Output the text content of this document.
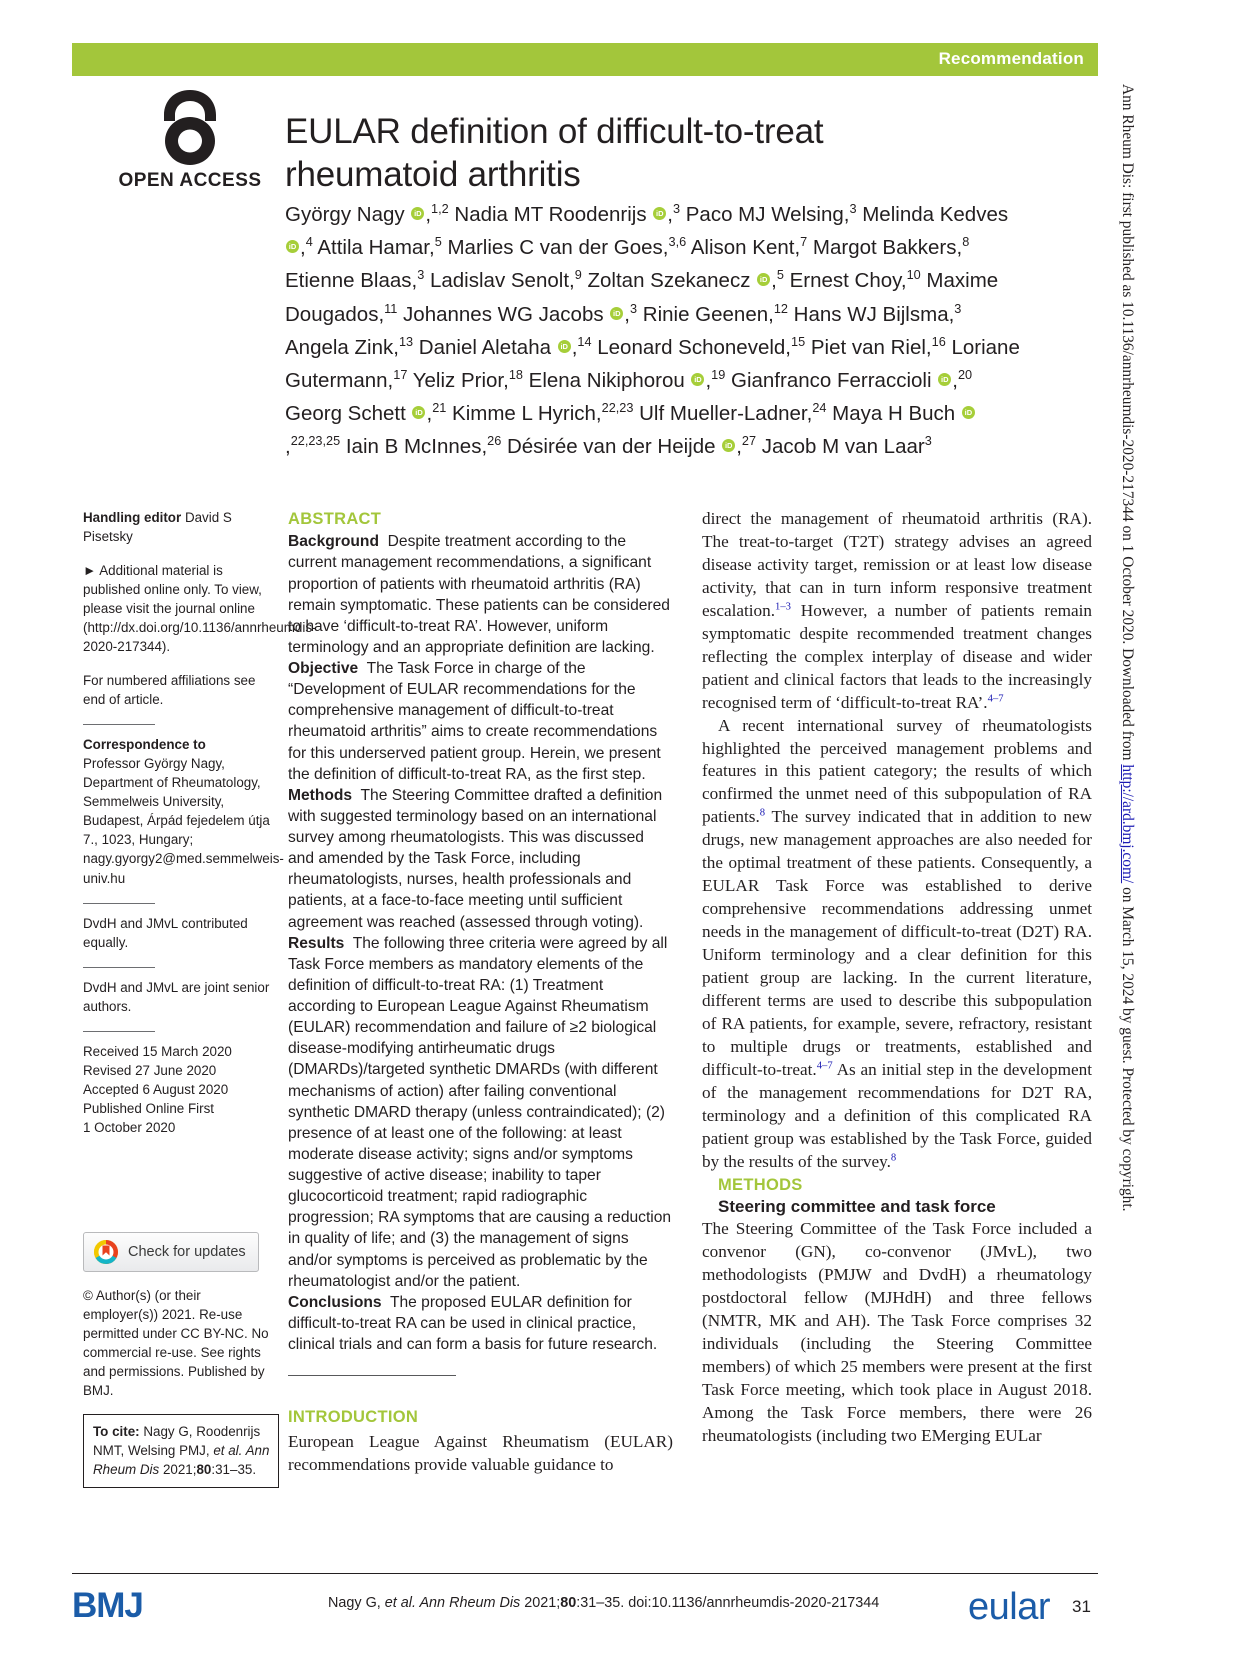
Recommendation
OPEN ACCESS
EULAR definition of difficult-to-treat rheumatoid arthritis
György Nagy iD,$^{1,2}$ Nadia MT Roodenrijs iD,$^3$ Paco MJ Welsing,$^3$ Melinda Kedves iD,$^4$ Attila Hamar,$^5$ Marlies C van der Goes,$^{3,6}$ Alison Kent,$^7$ Margot Bakkers,$^8$ Etienne Blaas,$^3$ Ladislav Senolt,$^9$ Zoltan Szekanecz iD,$^5$ Ernest Choy,$^{10}$ Maxime Dougados,$^{11}$ Johannes WG Jacobs iD,$^3$ Rinie Geenen,$^{12}$ Hans WJ Bijlsma,$^3$ Angela Zink,$^{13}$ Daniel Aletaha iD,$^{14}$ Leonard Schoneveld,$^{15}$ Piet van Riel,$^{16}$ Loriane Gutermann,$^{17}$ Yeliz Prior,$^{18}$ Elena Nikiphorou iD,$^{19}$ Gianfranco Ferraccioli iD,$^{20}$ Georg Schett iD,$^{21}$ Kimme L Hyrich,$^{22,23}$ Ulf Mueller-Ladner,$^{24}$ Maya H Buch iD,$^{22,23,25}$ Iain B McInnes,$^{26}$ Désirée van der Heijde iD,$^{27}$ Jacob M van Laar$^3$

Handling editor David S Pisetsky

► Additional material is published online only. To view, please visit the journal online (http://dx.doi.org/10.1136/annrheumdis-2020-217344).

For numbered affiliations see end of article.

Correspondence to
Professor György Nagy, Department of Rheumatology, Semmelweis University, Budapest, Árpád fejedelem útja 7., 1023, Hungary; nagy.gyorgy2@med.semmelweis-univ.hu

DvdH and JMvL contributed equally.

DvdH and JMvL are joint senior authors.

Received 15 March 2020
Revised 27 June 2020
Accepted 6 August 2020
Published Online First
1 October 2020

Check for updates

© Author(s) (or their employer(s)) 2021. Re-use permitted under CC BY-NC. No commercial re-use. See rights and permissions. Published by BMJ.

To cite: Nagy G, Roodenrijs NMT, Welsing PMJ, et al. Ann Rheum Dis 2021;80:31–35.
ABSTRACT

Background Despite treatment according to the current management recommendations, a significant proportion of patients with rheumatoid arthritis (RA) remain symptomatic. These patients can be considered to have ‘difficult-to-treat RA’. However, uniform terminology and an appropriate definition are lacking.
Objective The Task Force in charge of the “Development of EULAR recommendations for the comprehensive management of difficult-to-treat rheumatoid arthritis” aims to create recommendations for this underserved patient group. Herein, we present the definition of difficult-to-treat RA, as the first step.
Methods The Steering Committee drafted a definition with suggested terminology based on an international survey among rheumatologists. This was discussed and amended by the Task Force, including rheumatologists, nurses, health professionals and patients, at a face-to-face meeting until sufficient agreement was reached (assessed through voting).
Results The following three criteria were agreed by all Task Force members as mandatory elements of the definition of difficult-to-treat RA: (1) Treatment according to European League Against Rheumatism (EULAR) recommendation and failure of ≥2 biological disease-modifying antirheumatic drugs (DMARDs)/targeted synthetic DMARDs (with different mechanisms of action) after failing conventional synthetic DMARD therapy (unless contraindicated); (2) presence of at least one of the following: at least moderate disease activity; signs and/or symptoms suggestive of active disease; inability to taper glucocorticoid treatment; rapid radiographic progression; RA symptoms that are causing a reduction in quality of life; and (3) the management of signs and/or symptoms is perceived as problematic by the rheumatologist and/or the patient.
Conclusions The proposed EULAR definition for difficult-to-treat RA can be used in clinical practice, clinical trials and can form a basis for future research.

INTRODUCTION

European League Against Rheumatism (EULAR) recommendations provide valuable guidance to

direct the management of rheumatoid arthritis (RA). The treat-to-target (T2T) strategy advises an agreed disease activity target, remission or at least low disease activity, that can in turn inform responsive treatment escalation.$^{1-3}$ However, a number of patients remain symptomatic despite recommended treatment changes reflecting the complex interplay of disease and wider patient and clinical factors that leads to the increasingly recognised term of ‘difficult-to-treat RA’.$^{4-7}$

A recent international survey of rheumatologists highlighted the perceived management problems and features in this patient category; the results of which confirmed the unmet need of this subpopulation of RA patients.$^8$ The survey indicated that in addition to new drugs, new management approaches are also needed for the optimal treatment of these patients. Consequently, a EULAR Task Force was established to derive comprehensive recommendations addressing unmet needs in the management of difficult-to-treat (D2T) RA. Uniform terminology and a clear definition for this patient group are lacking. In the current literature, different terms are used to describe this subpopulation of RA patients, for example, severe, refractory, resistant to multiple drugs or treatments, established and difficult-to-treat.$^{4-7}$ As an initial step in the development of the management recommendations for D2T RA, terminology and a definition of this complicated RA patient group was established by the Task Force, guided by the results of the survey.$^8$

METHODS

Steering committee and task force

The Steering Committee of the Task Force included a convenor (GN), co-convenor (JMvL), two methodologists (PMJW and DvdH) a rheumatology postdoctoral fellow (MJHdH) and three fellows (NMTR, MK and AH). The Task Force comprises 32 individuals (including the Steering Committee members) of which 25 members were present at the first Task Force meeting, which took place in August 2018. Among the Task Force members, there were 26 rheumatologists (including two EMerging EULar

Ann Rheum Dis: first published as 10.1136/annrheumdis-2020-217344 on 1 October 2020. Downloaded from http://ard.bmj.com/ on March 15, 2024 by guest. Protected by copyright.
BMJ	Nagy G, et al. Ann Rheum Dis 2021;80:31–35. doi:10.1136/annrheumdis-2020-217344 eular 31
